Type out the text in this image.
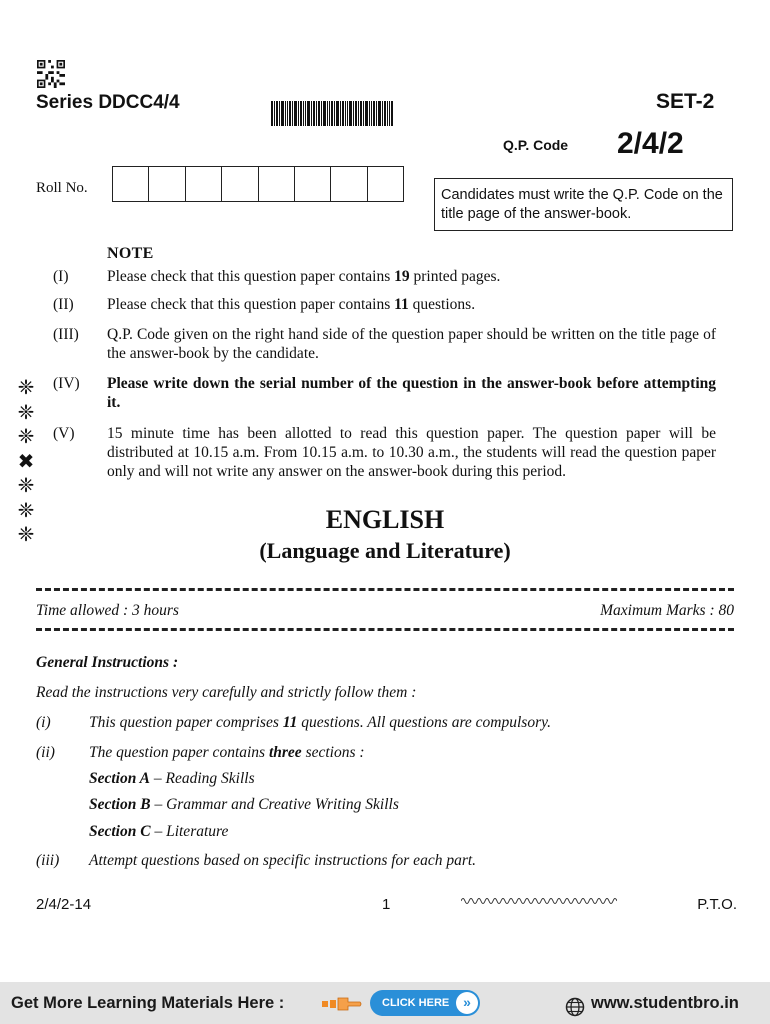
Series DDCC4/4	SET-2
Q.P. Code 2/4/2
Roll No.	Candidates must write the Q.P. Code on the title page of the answer-book.
NOTE
(I)	Please check that this question paper contains 19 printed pages.
(II)	Please check that this question paper contains 11 questions.
(III)	Q.P. Code given on the right hand side of the question paper should be written on the title page of the answer-book by the candidate.
(IV)	Please write down the serial number of the question in the answer-book before attempting it.
(V)	15 minute time has been allotted to read this question paper. The question paper will be distributed at 10.15 a.m. From 10.15 a.m. to 10.30 a.m., the students will read the question paper only and will not write any answer on the answer-book during this period.
❈
❈
❈
✖
❈
❈
❈
ENGLISH
(Language and Literature)
Time allowed : 3 hours	Maximum Marks : 80
General Instructions :
Read the instructions very carefully and strictly follow them :
(i) This question paper comprises 11 questions. All questions are compulsory.
(ii) The question paper contains three sections :
Section A – Reading Skills
Section B – Grammar and Creative Writing Skills
Section C – Literature
(iii) Attempt questions based on specific instructions for each part.
2/4/2-14	1	P.T.O.
Get More Learning Materials Here :	CLICK HERE »	www.studentbro.in
